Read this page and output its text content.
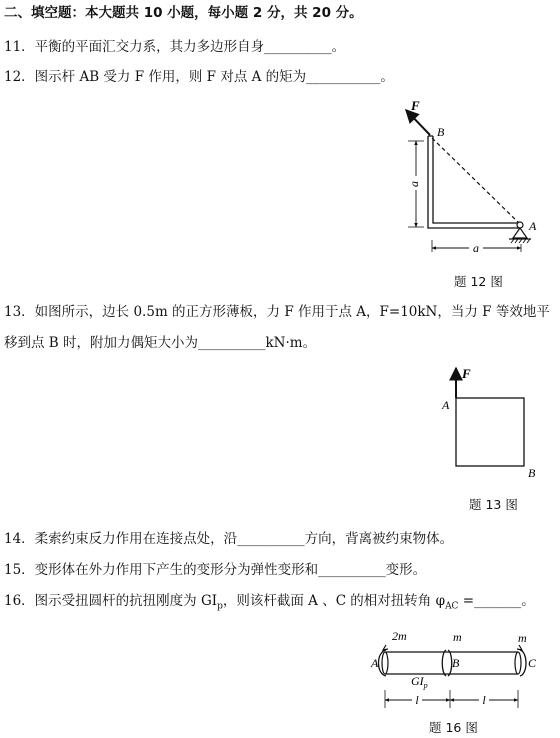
二、填空题：本大题共 10 小题，每小题 2 分，共 20 分。
11．平衡的平面汇交力系，其力多边形自身__________。
12．图示杆 AB 受力 F 作用，则 F 对点 A 的矩为___________。
F
B
A
a
a
F
A
B
2m	m	m
A	B	C
$GI_p$
l	l
题 12 图
13．如图所示，边长 0.5m 的正方形薄板，力 F 作用于点 A，F=10kN，当力 F 等效地平
移到点 B 时，附加力偶矩大小为__________kN·m。
题 13 图
14．柔索约束反力作用在连接点处，沿__________方向，背离被约束物体。
15．变形体在外力作用下产生的变形分为弹性变形和__________变形。
16．图示受扭圆杆的抗扭刚度为 $GI_p$，则该杆截面 A 、C 的相对扭转角 $\varphi_{AC}$ =_______。
题 16 图
